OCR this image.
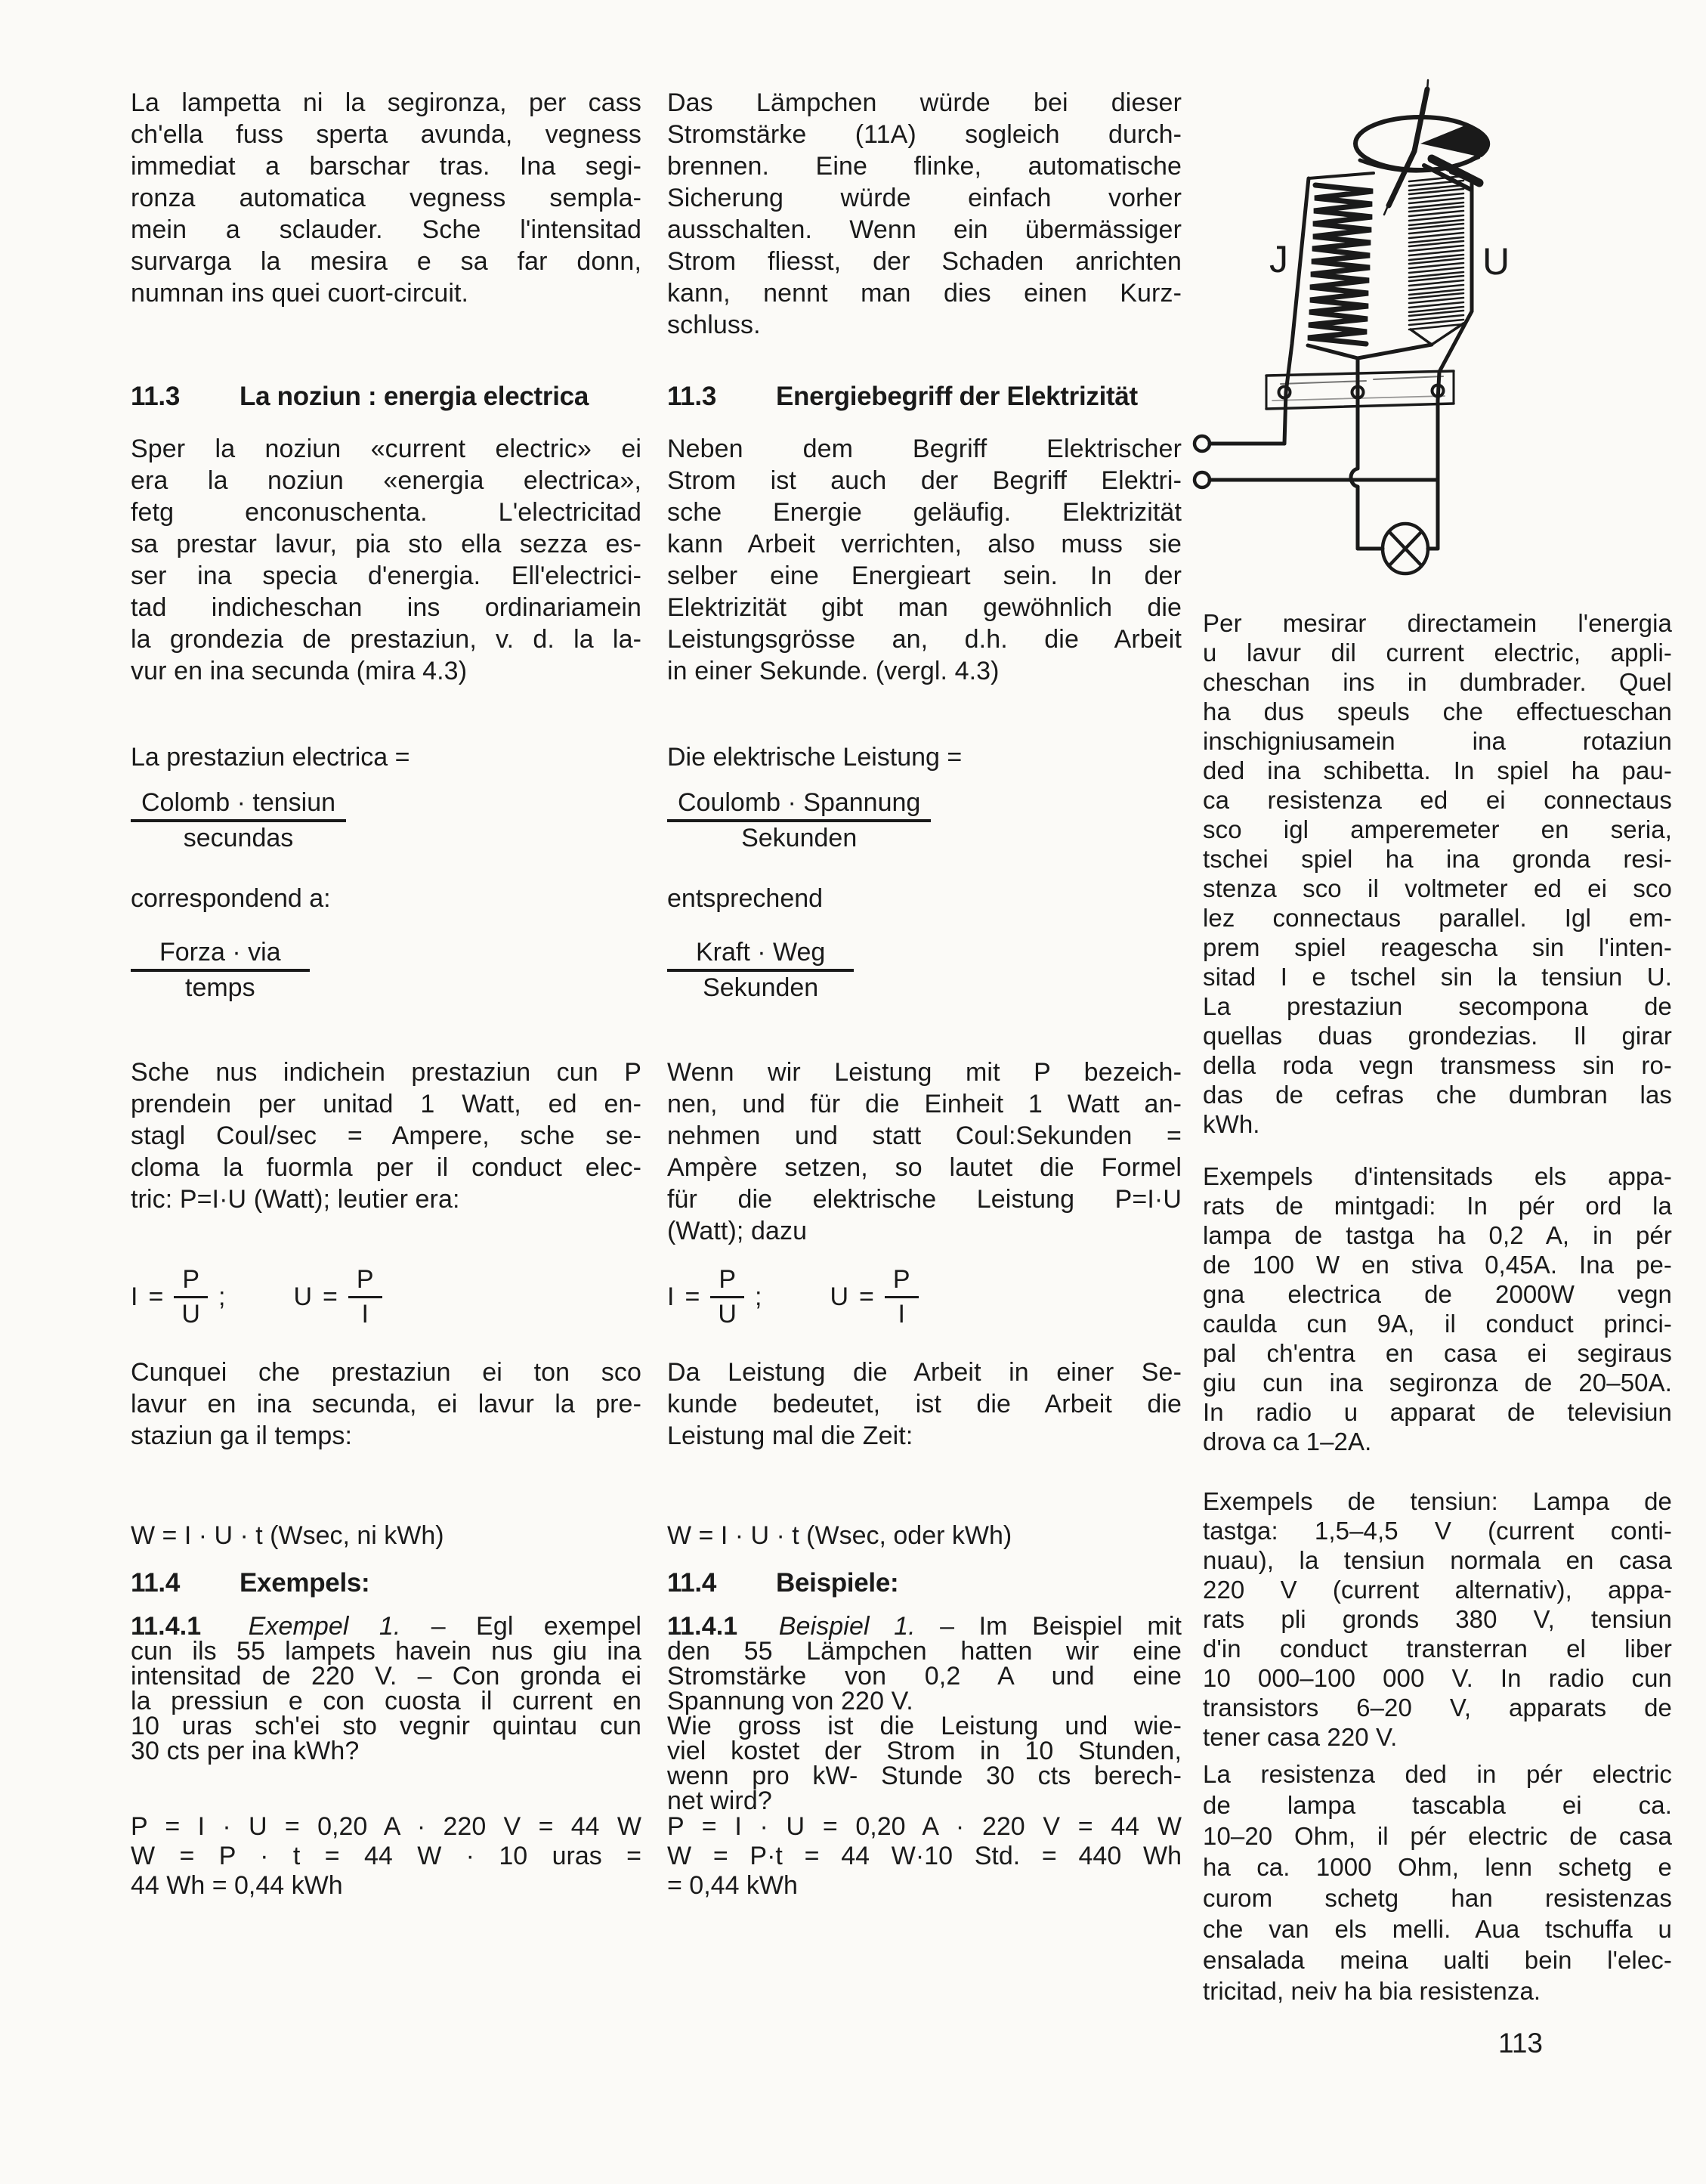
La lampetta ni la segironza, per cass
ch'ella fuss sperta avunda, vegness
immediat a barschar tras. Ina segi-
ronza automatica vegness sempla-
mein a sclauder. Sche l'intensitad
survarga la mesira e sa far donn,
numnan ins quei cuort-circuit.
11.3 La noziun : energia electrica
Sper la noziun «current electric» ei
era la noziun «energia electrica»,
fetg enconuschenta. L'electricitad
sa prestar lavur, pia sto ella sezza es-
ser ina specia d'energia. Ell'electrici-
tad indicheschan ins ordinariamein
la grondezia de prestaziun, v. d. la la-
vur en ina secunda (mira 4.3)
La prestaziun electrica =
$\frac{\text{Colomb · tensiun}}{\text{secundas}}$
correspondend a:
$\frac{\text{Forza · via}}{\text{temps}}$
Sche nus indichein prestaziun cun P
prendein per unitad 1 Watt, ed en-
stagl Coul/sec = Ampere, sche se-
cloma la fuormla per il conduct elec-
tric: P=I·U (Watt); leutier era:
$I = \frac{P}{U}$ ;	$U = \frac{P}{I}$
Cunquei che prestaziun ei ton sco
lavur en ina secunda, ei lavur la pre-
staziun ga il temps:
W = I · U · t (Wsec, ni kWh)
11.4 Exempels:
11.4.1 Exempel 1. – Egl exempel
cun ils 55 lampets havein nus giu ina
intensitad de 220 V. – Con gronda ei
la pressiun e con cuosta il current en
10 uras sch'ei sto vegnir quintau cun
30 cts per ina kWh?
P = I · U = 0,20 A · 220 V = 44 W
W = P · t = 44 W · 10 uras =
44 Wh = 0,44 kWh
Das Lämpchen würde bei dieser
Stromstärke (11A) sogleich durch-
brennen. Eine flinke, automatische
Sicherung würde einfach vorher
ausschalten. Wenn ein übermässiger
Strom fliesst, der Schaden anrichten
kann, nennt man dies einen Kurz-
schluss.
11.3 Energiebegriff der Elektrizität
Neben dem Begriff Elektrischer
Strom ist auch der Begriff Elektri-
sche Energie geläufig. Elektrizität
kann Arbeit verrichten, also muss sie
selber eine Energieart sein. In der
Elektrizität gibt man gewöhnlich die
Leistungsgrösse an, d.h. die Arbeit
in einer Sekunde. (vergl. 4.3)
Die elektrische Leistung =
$\frac{\text{Coulomb · Spannung}}{\text{Sekunden}}$
entsprechend
$\frac{\text{Kraft · Weg}}{\text{Sekunden}}$
Wenn wir Leistung mit P bezeich-
nen, und für die Einheit 1 Watt an-
nehmen und statt Coul:Sekunden =
Ampère setzen, so lautet die Formel
für die elektrische Leistung P=I·U
(Watt); dazu
$I = \frac{P}{U}$ ;	$U = \frac{P}{I}$
Da Leistung die Arbeit in einer Se-
kunde bedeutet, ist die Arbeit die
Leistung mal die Zeit:
W = I · U · t (Wsec, oder kWh)
11.4 Beispiele:
11.4.1 Beispiel 1. – Im Beispiel mit
den 55 Lämpchen hatten wir eine
Stromstärke von 0,2 A und eine
Spannung von 220 V.
Wie gross ist die Leistung und wie-
viel kostet der Strom in 10 Stunden,
wenn pro kW- Stunde 30 cts berech-
net wird?
P = I · U = 0,20 A · 220 V = 44 W
W = P·t = 44 W·10 Std. = 440 Wh
= 0,44 kWh
J	U
Per mesirar directamein l'energia
u lavur dil current electric, appli-
cheschan ins in dumbrader. Quel
ha dus speuls che effectueschan
inschigniusamein ina rotaziun
ded ina schibetta. In spiel ha pau-
ca resistenza ed ei connectaus
sco igl amperemeter en seria,
tschei spiel ha ina gronda resi-
stenza sco il voltmeter ed ei sco
lez connectaus parallel. Igl em-
prem spiel reagescha sin l'inten-
sitad I e tschel sin la tensiun U.
La prestaziun secompona de
quellas duas grondezias. Il girar
della roda vegn transmess sin ro-
das de cefras che dumbran las
kWh.
Exempels d'intensitads els appa-
rats de mintgadi: In pér ord la
lampa de tastga ha 0,2 A, in pér
de 100 W en stiva 0,45A. Ina pe-
gna electrica de 2000W vegn
caulda cun 9A, il conduct princi-
pal ch'entra en casa ei segiraus
giu cun ina segironza de 20–50A.
In radio u apparat de televisiun
drova ca 1–2A.
Exempels de tensiun: Lampa de
tastga: 1,5–4,5 V (current conti-
nuau), la tensiun normala en casa
220 V (current alternativ), appa-
rats pli gronds 380 V, tensiun
d'in conduct transterran el liber
10 000–100 000 V. In radio cun
transistors 6–20 V, apparats de
tener casa 220 V.
La resistenza ded in pér electric
de lampa tascabla ei ca.
10–20 Ohm, il pér electric de casa
ha ca. 1000 Ohm, lenn schetg e
curom schetg han resistenzas
che van els melli. Aua tschuffa u
ensalada meina ualti bein l'elec-
tricitad, neiv ha bia resistenza.
113
